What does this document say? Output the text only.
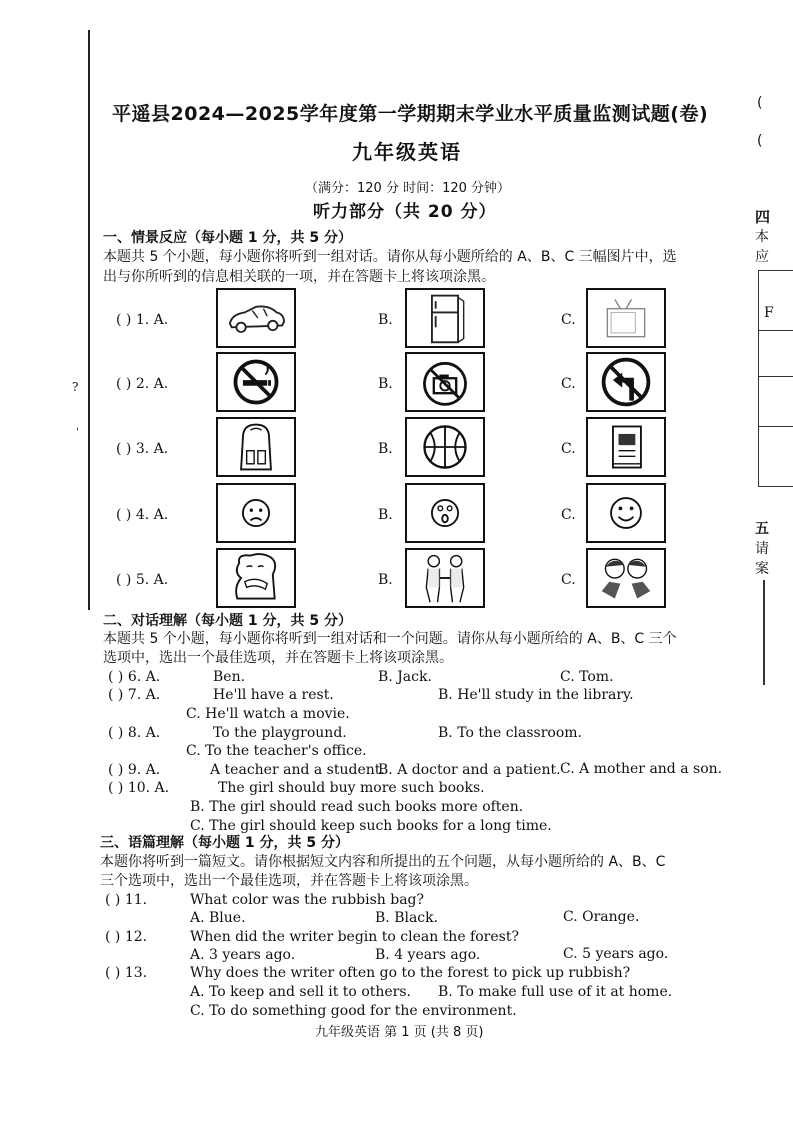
?
'
(
(
四
本
应
F
五
请
案
平遥县2024—2025学年度第一学期期末学业水平质量监测试题(卷)
九年级英语
（满分：120 分 时间：120 分钟）
听力部分（共 20 分）
一、情景反应（每小题 1 分，共 5 分）
本题共 5 个小题，每小题你将听到一组对话。请你从每小题所给的 A、B、C 三幅图片中，选
出与你所听到的信息相关联的一项，并在答题卡上将该项涂黑。
( ) 1. A.	B.	C.
( ) 2. A.	B.	C.
( ) 3. A.	B.	C.
( ) 4. A.	B.	C.
( ) 5. A.	B.	C.
二、对话理解（每小题 1 分，共 5 分）
本题共 5 个小题，每小题你将听到一组对话和一个问题。请你从每小题所给的 A、B、C 三个
选项中，选出一个最佳选项，并在答题卡上将该项涂黑。
( ) 6. A.	Ben.	B. Jack.	C. Tom.
( ) 7. A.	He'll have a rest.	B. He'll study in the library.
C. He'll watch a movie.
( ) 8. A.	To the playground.	B. To the classroom.
C. To the teacher's office.
( ) 9. A.	A teacher and a student.
B. A doctor and a patient. C. A mother and a son.
( ) 10. A.	The girl should buy more such books.
B. The girl should read such books more often.
C. The girl should keep such books for a long time.
三、语篇理解（每小题 1 分，共 5 分）
本题你将听到一篇短文。请你根据短文内容和所提出的五个问题，从每小题所给的 A、B、C
三个选项中，选出一个最佳选项，并在答题卡上将该项涂黑。
( ) 11.	What color was the rubbish bag?
A. Blue.	B. Black.	C. Orange.
( ) 12.	When did the writer begin to clean the forest?
A. 3 years ago.	B. 4 years ago.	C. 5 years ago.
( ) 13.	Why does the writer often go to the forest to pick up rubbish?
A. To keep and sell it to others. B. To make full use of it at home.
C. To do something good for the environment.
九年级英语 第 1 页 (共 8 页)
